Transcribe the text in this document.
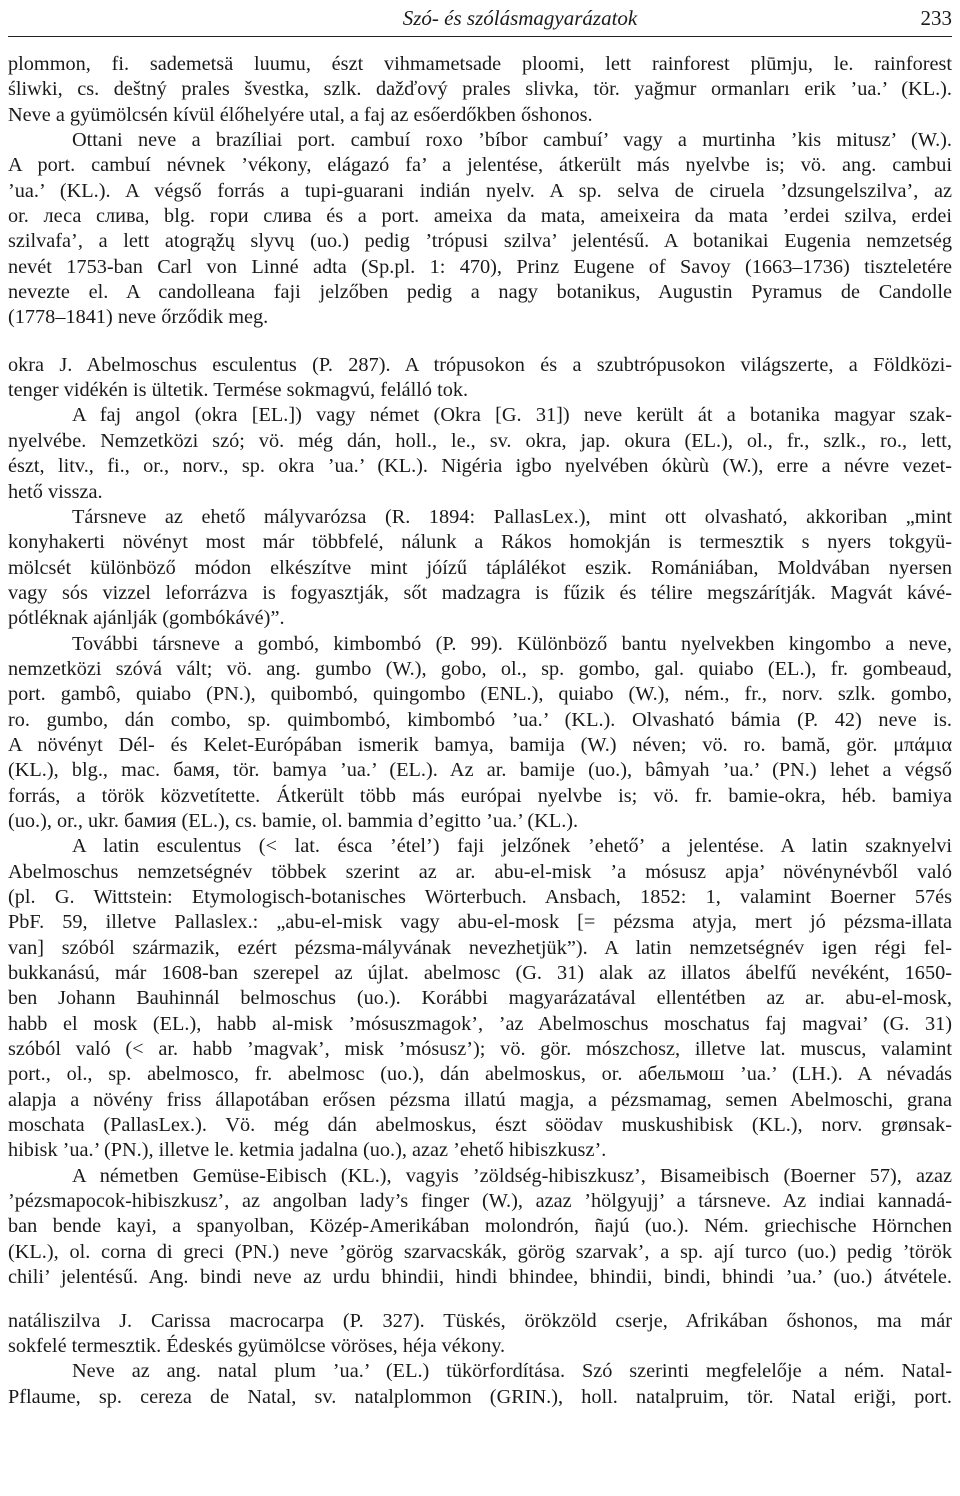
Szó- és szólásmagyarázatok	233
plommon, fi. sademetsä luumu, észt vihmametsade ploomi, lett rainforest plūmju, le. rainforest
śliwki, cs. deštný prales švestka, szlk. dažďový prales slivka, tör. yağmur ormanları erik ’ua.’ (KL.).
Neve a gyümölcsén kívül élőhelyére utal, a faj az esőerdőkben őshonos.
Ottani neve a brazíliai port. cambuí roxo ’bíbor cambuí’ vagy a murtinha ’kis mitusz’ (W.).
A port. cambuí névnek ’vékony, elágazó fa’ a jelentése, átkerült más nyelvbe is; vö. ang. cambui
’ua.’ (KL.). A végső forrás a tupi-guarani indián nyelv. A sp. selva de ciruela ’dzsungelszilva’, az
or. леса слива, blg. гори слива és a port. ameixa da mata, ameixeira da mata ’erdei szilva, erdei
szilvafa’, a lett atogrąžų slyvų (uo.) pedig ’trópusi szilva’ jelentésű. A botanikai Eugenia nemzetség
nevét 1753-ban Carl von Linné adta (Sp.pl. 1: 470), Prinz Eugene of Savoy (1663–1736) tiszteletére
nevezte el. A candolleana faji jelzőben pedig a nagy botanikus, Augustin Pyramus de Candolle
(1778–1841) neve őrződik meg.
okra J. Abelmoschus esculentus (P. 287). A trópusokon és a szubtrópusokon világszerte, a Földközi-
tenger vidékén is ültetik. Termése sokmagvú, felálló tok.
A faj angol (okra [EL.]) vagy német (Okra [G. 31]) neve került át a botanika magyar szak-
nyelvébe. Nemzetközi szó; vö. még dán, holl., le., sv. okra, jap. okura (EL.), ol., fr., szlk., ro., lett,
észt, litv., fi., or., norv., sp. okra ’ua.’ (KL.). Nigéria igbo nyelvében ókùrù (W.), erre a névre vezet-
hető vissza.
Társneve az ehető mályvarózsa (R. 1894: PallasLex.), mint ott olvasható, akkoriban „mint
konyhakerti növényt most már többfelé, nálunk a Rákos homokján is termesztik s nyers tokgyü-
mölcsét különböző módon elkészítve mint jóízű táplálékot eszik. Romániában, Moldvában nyersen
vagy sós vizzel leforrázva is fogyasztják, sőt madzagra is fűzik és télire megszárítják. Magvát kávé-
pótléknak ajánlják (gombókávé)”.
További társneve a gombó, kimbombó (P. 99). Különböző bantu nyelvekben kingombo a neve,
nemzetközi szóvá vált; vö. ang. gumbo (W.), gobo, ol., sp. gombo, gal. quiabo (EL.), fr. gombeaud,
port. gambô, quiabo (PN.), quibombó, quingombo (ENL.), quiabo (W.), ném., fr., norv. szlk. gombo,
ro. gumbo, dán combo, sp. quimbombó, kimbombó ’ua.’ (KL.). Olvasható bámia (P. 42) neve is.
A növényt Dél- és Kelet-Európában ismerik bamya, bamija (W.) néven; vö. ro. bamă, gör. μπάμια
(KL.), blg., mac. бамя, tör. bamya ’ua.’ (EL.). Az ar. bamije (uo.), bâmyah ’ua.’ (PN.) lehet a végső
forrás, a török közvetítette. Átkerült több más európai nyelvbe is; vö. fr. bamie-okra, héb. bamiya
(uo.), or., ukr. бамия (EL.), cs. bamie, ol. bammia d’egitto ’ua.’ (KL.).
A latin esculentus (< lat. ésca ’étel’) faji jelzőnek ’ehető’ a jelentése. A latin szaknyelvi
Abelmoschus nemzetségnév többek szerint az ar. abu-el-misk ’a mósusz apja’ növénynévből való
(pl. G. Wittstein: Etymologisch-botanisches Wörterbuch. Ansbach, 1852: 1, valamint Boerner 57és
PbF. 59, illetve Pallaslex.: „abu-el-misk vagy abu-el-mosk [= pézsma atyja, mert jó pézsma-illata
van] szóból származik, ezért pézsma-mályvának nevezhetjük”). A latin nemzetségnév igen régi fel-
bukkanású, már 1608-ban szerepel az újlat. abelmosc (G. 31) alak az illatos ábelfű nevéként, 1650-
ben Johann Bauhinnál belmoschus (uo.). Korábbi magyarázatával ellentétben az ar. abu-el-mosk,
habb el mosk (EL.), habb al-misk ’mósuszmagok’, ’az Abelmoschus moschatus faj magvai’ (G. 31)
szóból való (< ar. habb ’magvak’, misk ’mósusz’); vö. gör. mószchosz, illetve lat. muscus, valamint
port., ol., sp. abelmosco, fr. abelmosc (uo.), dán abelmoskus, or. абельмош ’ua.’ (LH.). A névadás
alapja a növény friss állapotában erősen pézsma illatú magja, a pézsmamag, semen Abelmoschi, grana
moschata (PallasLex.). Vö. még dán abelmoskus, észt söödav muskushibisk (KL.), norv. grønsak-
hibisk ’ua.’ (PN.), illetve le. ketmia jadalna (uo.), azaz ’ehető hibiszkusz’.
A németben Gemüse-Eibisch (KL.), vagyis ’zöldség-hibiszkusz’, Bisameibisch (Boerner 57), azaz
’pézsmapocok-hibiszkusz’, az angolban lady’s finger (W.), azaz ’hölgyujj’ a társneve. Az indiai kannadá-
ban bende kayi, a spanyolban, Közép-Amerikában molondrón, ñajú (uo.). Ném. griechische Hörnchen
(KL.), ol. corna di greci (PN.) neve ’görög szarvacskák, görög szarvak’, a sp. ají turco (uo.) pedig ’török
chili’ jelentésű. Ang. bindi neve az urdu bhindii, hindi bhindee, bhindii, bindi, bhindi ’ua.’ (uo.) átvétele.
natáliszilva J. Carissa macrocarpa (P. 327). Tüskés, örökzöld cserje, Afrikában őshonos, ma már
sokfelé termesztik. Édeskés gyümölcse vöröses, héja vékony.
Neve az ang. natal plum ’ua.’ (EL.) tükörfordítása. Szó szerinti megfelelője a ném. Natal-
Pflaume, sp. cereza de Natal, sv. natalplommon (GRIN.), holl. natalpruim, tör. Natal eriği, port.
